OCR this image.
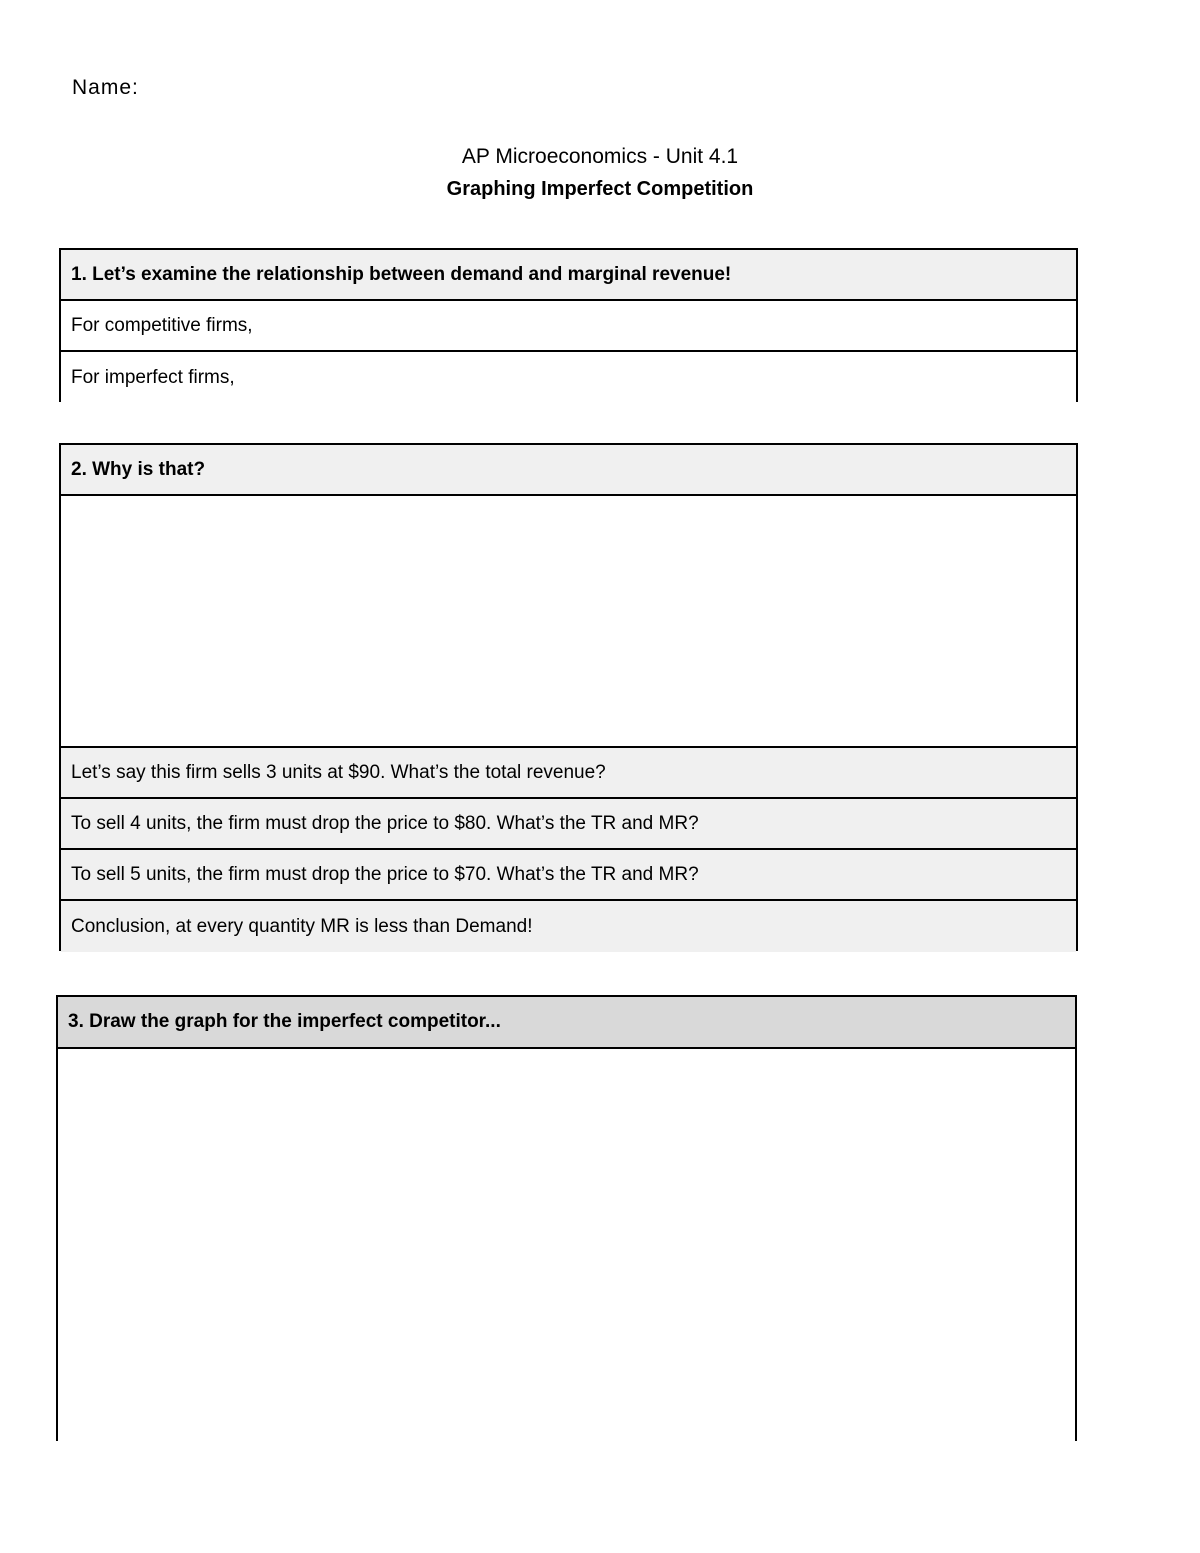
Name:
AP Microeconomics - Unit 4.1
Graphing Imperfect Competition
1. Let’s examine the relationship between demand and marginal revenue!
For competitive firms,
For imperfect firms,
2. Why is that?
Let’s say this firm sells 3 units at $90. What’s the total revenue?
To sell 4 units, the firm must drop the price to $80. What’s the TR and MR?
To sell 5 units, the firm must drop the price to $70. What’s the TR and MR?
Conclusion, at every quantity MR is less than Demand!
3. Draw the graph for the imperfect competitor...
